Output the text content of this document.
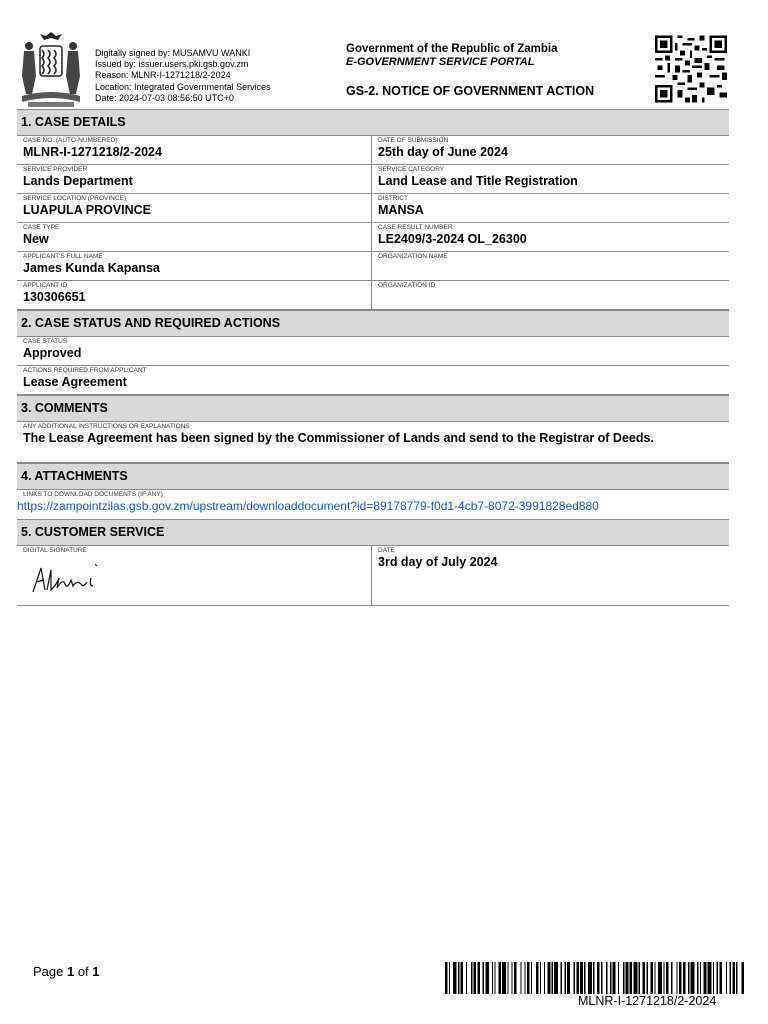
Digitally signed by: MUSAMVU WANKI
Issued by: issuer.users.pki.gsb.gov.zm
Reason: MLNR-I-1271218/2-2024
Location: Integrated Governmental Services
Date: 2024-07-03 08:56:50 UTC+0
Government of the Republic of Zambia
E-GOVERNMENT SERVICE PORTAL
GS-2. NOTICE OF GOVERNMENT ACTION
1. CASE DETAILS
CASE NO. (AUTO-NUMBERED)
MLNR-I-1271218/2-2024
DATE OF SUBMISSION
25th day of June 2024
SERVICE PROVIDER
Lands Department
SERVICE CATEGORY
Land Lease and Title Registration
SERVICE LOCATION (PROVINCE)
LUAPULA PROVINCE
DISTRICT
MANSA
CASE TYPE
New
CASE RESULT NUMBER
LE2409/3-2024 OL_26300
APPLICANT'S FULL NAME
James Kunda Kapansa
ORGANIZATION NAME
APPLICANT ID
130306651
ORGANIZATION ID
2. CASE STATUS AND REQUIRED ACTIONS
CASE STATUS
Approved
ACTIONS REQUIRED FROM APPLICANT
Lease Agreement
3. COMMENTS
ANY ADDITIONAL INSTRUCTIONS OR EXPLANATIONS
The Lease Agreement has been signed by the Commissioner of Lands and send to the Registrar of Deeds.
4. ATTACHMENTS
LINKS TO DOWNLOAD DOCUMENTS (IF ANY)
https://zampointzilas.gsb.gov.zm/upstream/downloaddocument?id=89178779-f0d1-4cb7-8072-3991828ed880
5. CUSTOMER SERVICE
DIGITAL SIGNATURE	DATE
3rd day of July 2024
Page 1 of 1
MLNR-I-1271218/2-2024
